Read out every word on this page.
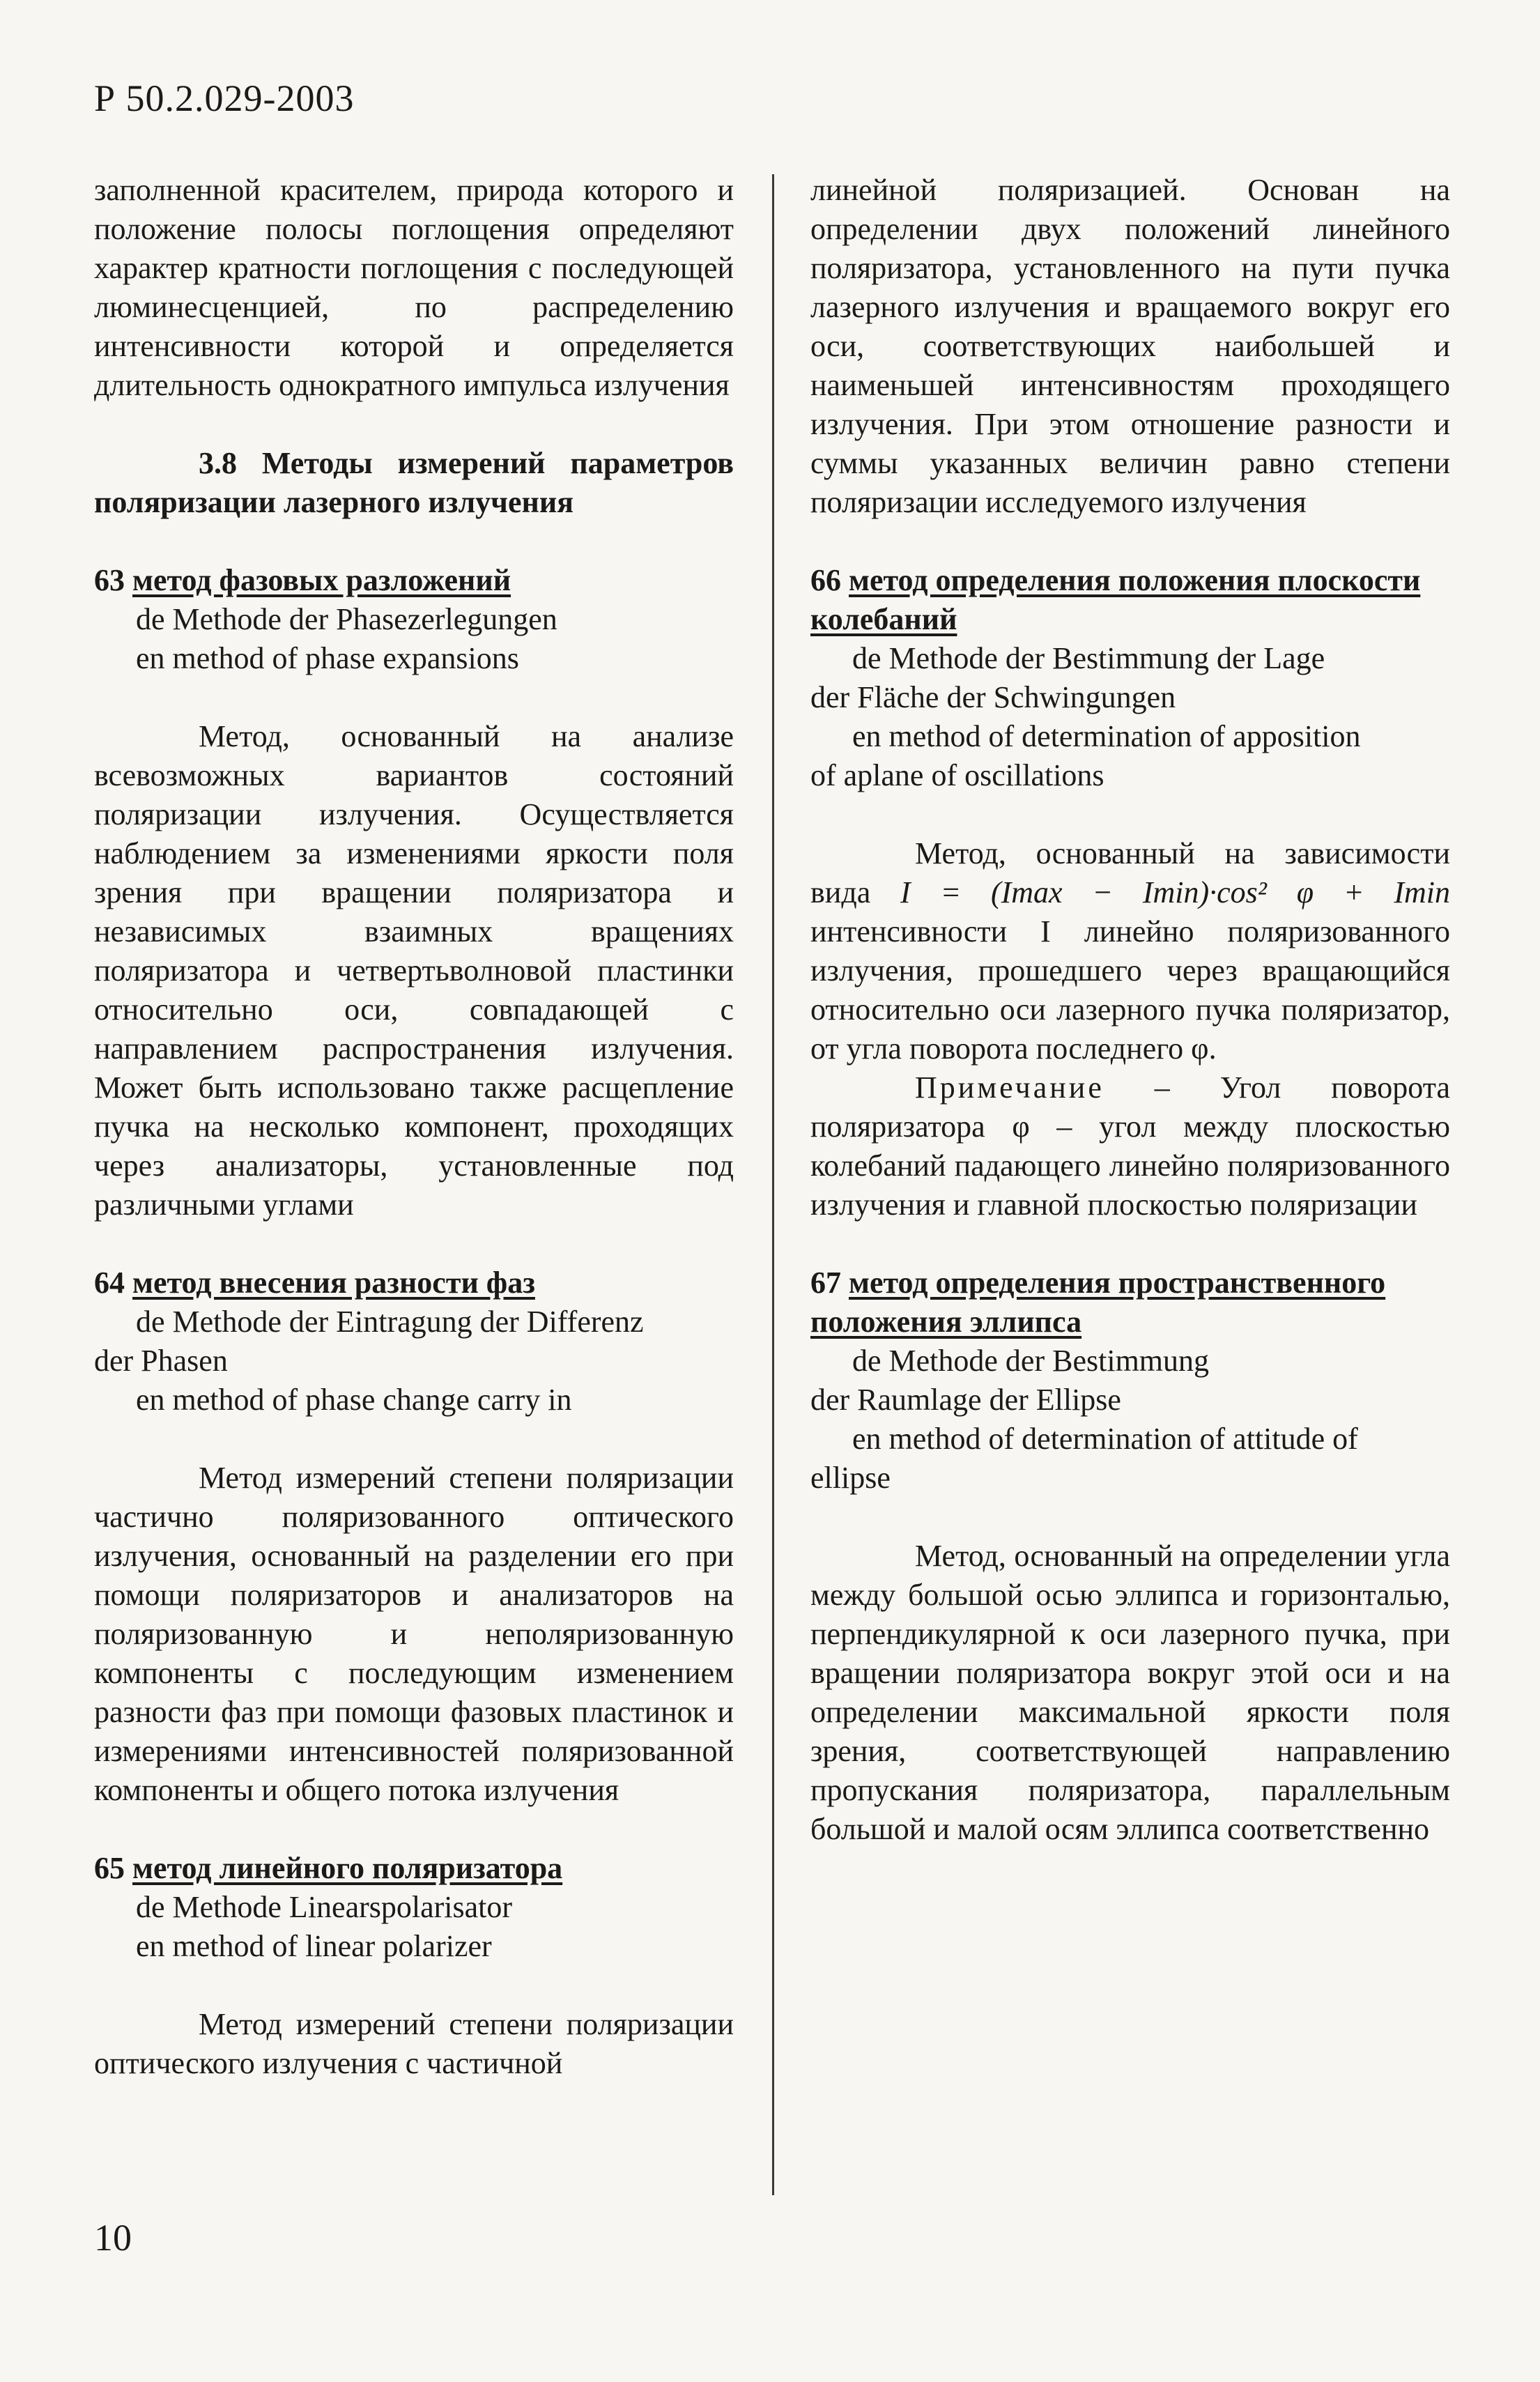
Р 50.2.029-2003

заполненной красителем, природа которого и положение полосы поглощения определяют характер кратности поглощения с последующей люминесценцией, по распределению интенсивности которой и определяется длительность однократного импульса излучения

3.8 Методы измерений параметров поляризации лазерного излучения

63 метод фазовых разложений

de Methode der Phasezerlegungen

en method of phase expansions

Метод, основанный на анализе всевозможных вариантов состояний поляризации излучения. Осуществляется наблюдением за изменениями яркости поля зрения при вращении поляризатора и независимых взаимных вращениях поляризатора и четвертьволновой пластинки относительно оси, совпадающей с направлением распространения излучения. Может быть использовано также расщепление пучка на несколько компонент, проходящих через анализаторы, установленные под различными углами

64 метод внесения разности фаз

de Methode der Eintragung der Differenz

der Phasen

en method of phase change carry in

Метод измерений степени поляризации частично поляризованного оптического излучения, основанный на разделении его при помощи поляризаторов и анализаторов на поляризованную и неполяризованную компоненты с последующим изменением разности фаз при помощи фазовых пластинок и измерениями интенсивностей поляризованной компоненты и общего потока излучения

65 метод линейного поляризатора

de Methode Linearspolarisator

en method of linear polarizer

Метод измерений степени поляризации оптического излучения с частичной

линейной поляризацией. Основан на определении двух положений линейного поляризатора, установленного на пути пучка лазерного излучения и вращаемого вокруг его оси, соответствующих наибольшей и наименьшей интенсивностям проходящего излучения. При этом отношение разности и суммы указанных величин равно степени поляризации исследуемого излучения

66 метод определения положения плоскости колебаний

de Methode der Bestimmung der Lage

der Fläche der Schwingungen

en method of determination of apposition

of aplane of oscillations

Метод, основанный на зависимости вида I = (Imax − Imin)·cos² φ + Imin интенсивности I линейно поляризованного излучения, прошедшего через вращающийся относительно оси лазерного пучка поляризатор, от угла поворота последнего φ.

Примечание – Угол поворота поляризатора φ – угол между плоскостью колебаний падающего линейно поляризованного излучения и главной плоскостью поляризации

67 метод определения пространственного положения эллипса

de Methode der Bestimmung

der Raumlage der Ellipse

en method of determination of attitude of

ellipse

Метод, основанный на определении угла между большой осью эллипса и горизонталью, перпендикулярной к оси лазерного пучка, при вращении поляризатора вокруг этой оси и на определении максимальной яркости поля зрения, соответствующей направлению пропускания поляризатора, параллельным большой и малой осям эллипса соответственно

10
